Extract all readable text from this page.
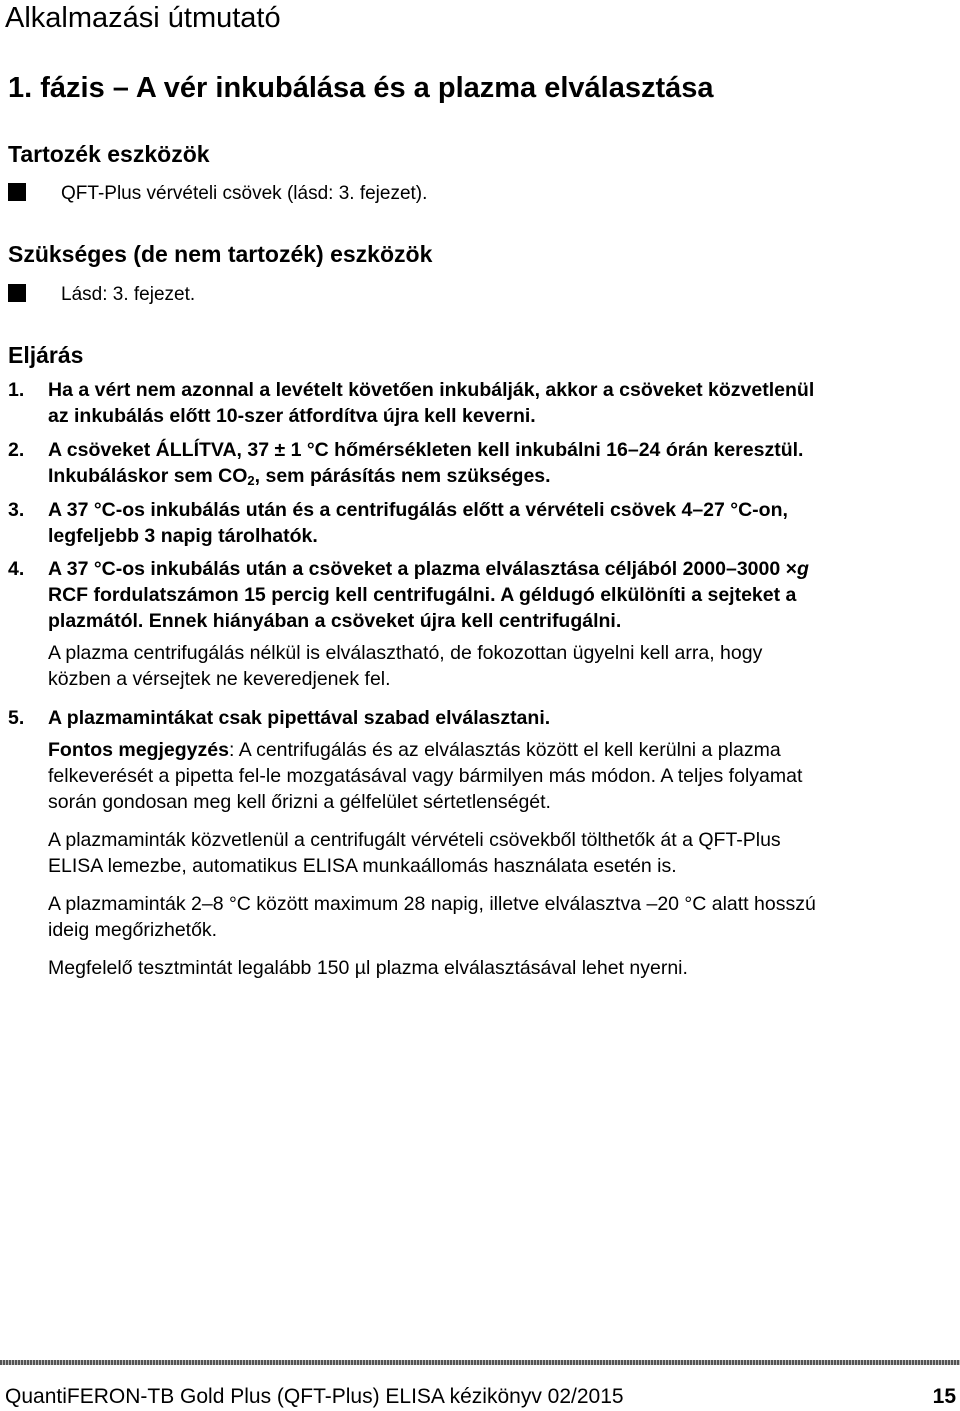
Alkalmazási útmutató
1. fázis – A vér inkubálása és a plazma elválasztása
Tartozék eszközök
QFT-Plus vérvételi csövek (lásd: 3. fejezet).
Szükséges (de nem tartozék) eszközök
Lásd: 3. fejezet.
Eljárás
1. Ha a vért nem azonnal a levételt követően inkubálják, akkor a csöveket közvetlenül
az inkubálás előtt 10-szer átfordítva újra kell keverni.
2. A csöveket ÁLLÍTVA, 37 ± 1 °C hőmérsékleten kell inkubálni 16–24 órán keresztül.
Inkubáláskor sem $CO_2$, sem párásítás nem szükséges.
3. A 37 °C-os inkubálás után és a centrifugálás előtt a vérvételi csövek 4–27 °C-on,
legfeljebb 3 napig tárolhatók.
4. A 37 °C-os inkubálás után a csöveket a plazma elválasztása céljából 2000–3000 ×g
RCF fordulatszámon 15 percig kell centrifugálni. A géldugó elkülöníti a sejteket a
plazmától. Ennek hiányában a csöveket újra kell centrifugálni.
A plazma centrifugálás nélkül is elválasztható, de fokozottan ügyelni kell arra, hogy
közben a vérsejtek ne keveredjenek fel.
5. A plazmamintákat csak pipettával szabad elválasztani.
Fontos megjegyzés: A centrifugálás és az elválasztás között el kell kerülni a plazma
felkeverését a pipetta fel-le mozgatásával vagy bármilyen más módon. A teljes folyamat
során gondosan meg kell őrizni a gélfelület sértetlenségét.
A plazmaminták közvetlenül a centrifugált vérvételi csövekből tölthetők át a QFT-Plus
ELISA lemezbe, automatikus ELISA munkaállomás használata esetén is.
A plazmaminták 2–8 °C között maximum 28 napig, illetve elválasztva –20 °C alatt hosszú
ideig megőrizhetők.
Megfelelő tesztmintát legalább 150 µl plazma elválasztásával lehet nyerni.
QuantiFERON-TB Gold Plus (QFT-Plus) ELISA kézikönyv 02/2015	15
